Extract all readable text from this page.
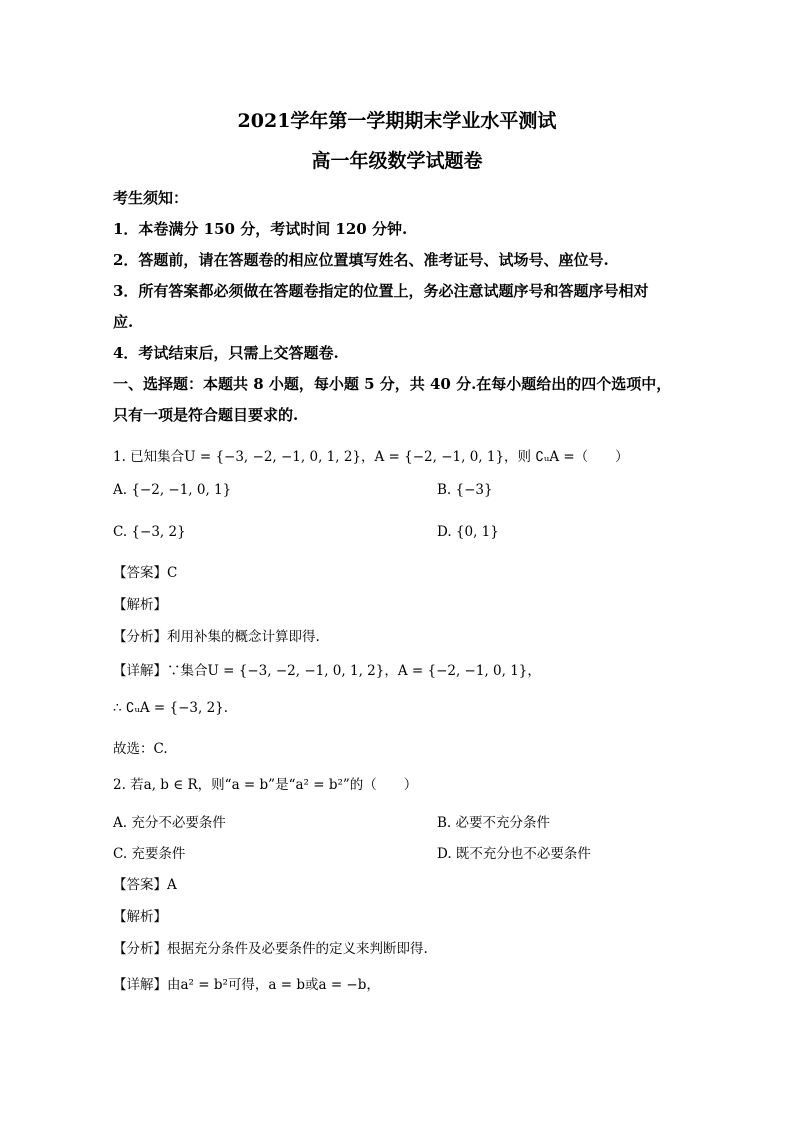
2021学年第一学期期末学业水平测试
高一年级数学试题卷
考生须知：
1．本卷满分 150 分，考试时间 120 分钟.
2．答题前，请在答题卷的相应位置填写姓名、准考证号、试场号、座位号.
3．所有答案都必须做在答题卷指定的位置上，务必注意试题序号和答题序号相对
应.
4．考试结束后，只需上交答题卷.
一、选择题：本题共 8 小题，每小题 5 分，共 40 分.在每小题给出的四个选项中，
只有一项是符合题目要求的.
1. 已知集合U = {−3, −2, −1, 0, 1, 2}，A = {−2, −1, 0, 1}，则 ∁ᵤA =（　　）
A. {−2, −1, 0, 1}	B. {−3}
C. {−3, 2}	D. {0, 1}
【答案】C
【解析】
【分析】利用补集的概念计算即得.
【详解】∵集合U = {−3, −2, −1, 0, 1, 2}，A = {−2, −1, 0, 1}，
∴ ∁ᵤA = {−3, 2}.
故选：C.
2. 若a, b ∈ R，则“a = b”是“a² = b²”的（　　）
A. 充分不必要条件	B. 必要不充分条件
C. 充要条件	D. 既不充分也不必要条件
【答案】A
【解析】
【分析】根据充分条件及必要条件的定义来判断即得.
【详解】由a² = b²可得，a = b或a = −b，
